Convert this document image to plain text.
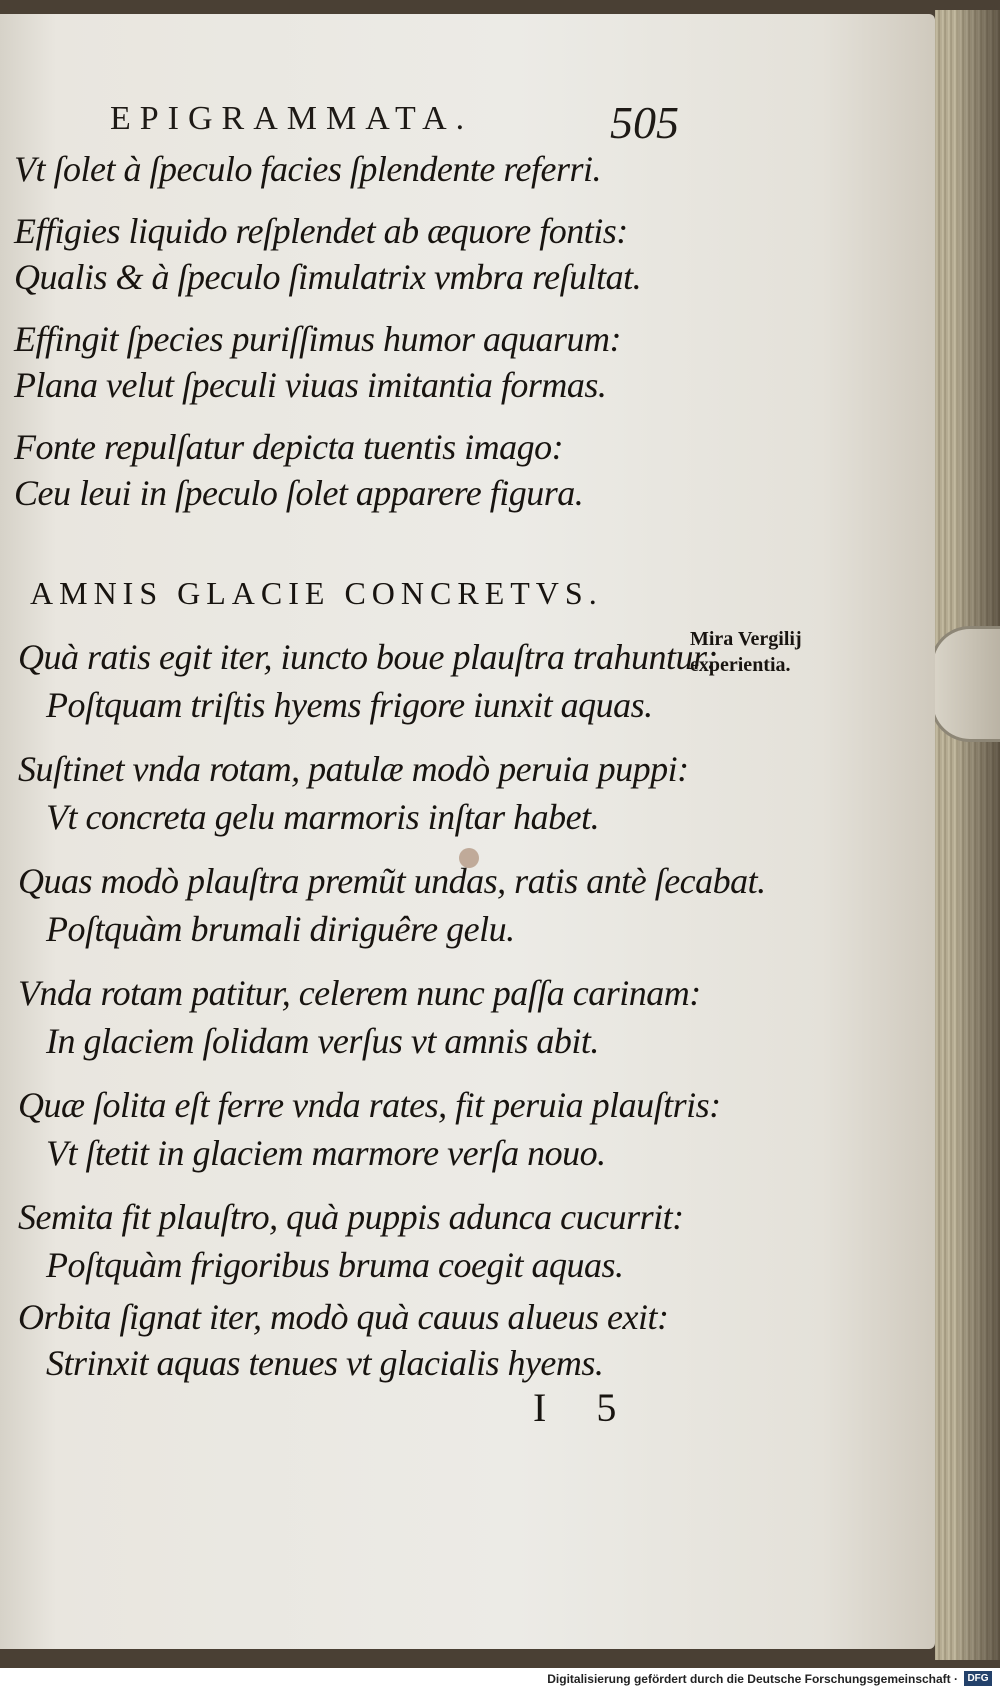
EPIGRAMMATA.	505
Vt ſolet à ſpeculo facies ſplendente referri.
Effigies liquido reſplendet ab æquore fontis:
Qualis & à ſpeculo ſimulatrix vmbra reſultat.
Effingit ſpecies puriſſimus humor aquarum:
Plana velut ſpeculi viuas imitantia formas.
Fonte repulſatur depicta tuentis imago:
Ceu leui in ſpeculo ſolet apparere figura.
AMNIS GLACIE CONCRETVS.
Mira Vergilij
experientia.
Quà ratis egit iter, iuncto boue plauſtra trahuntur:
Poſtquam triſtis hyems frigore iunxit aquas.
Suſtinet vnda rotam, patulæ modò peruia puppi:
Vt concreta gelu marmoris inſtar habet.
Quas modò plauſtra premũt undas, ratis antè ſecabat.
Poſtquàm brumali diriguêre gelu.
Vnda rotam patitur, celerem nunc paſſa carinam:
In glaciem ſolidam verſus vt amnis abit.
Quæ ſolita eſt ferre vnda rates, fit peruia plauſtris:
Vt ſtetit in glaciem marmore verſa nouo.
Semita fit plauſtro, quà puppis adunca cucurrit:
Poſtquàm frigoribus bruma coegit aquas.
Orbita ſignat iter, modò quà cauus alueus exit:
Strinxit aquas tenues vt glacialis hyems.
I 5
Digitalisierung gefördert durch die Deutsche Forschungsgemeinschaft · DFG
